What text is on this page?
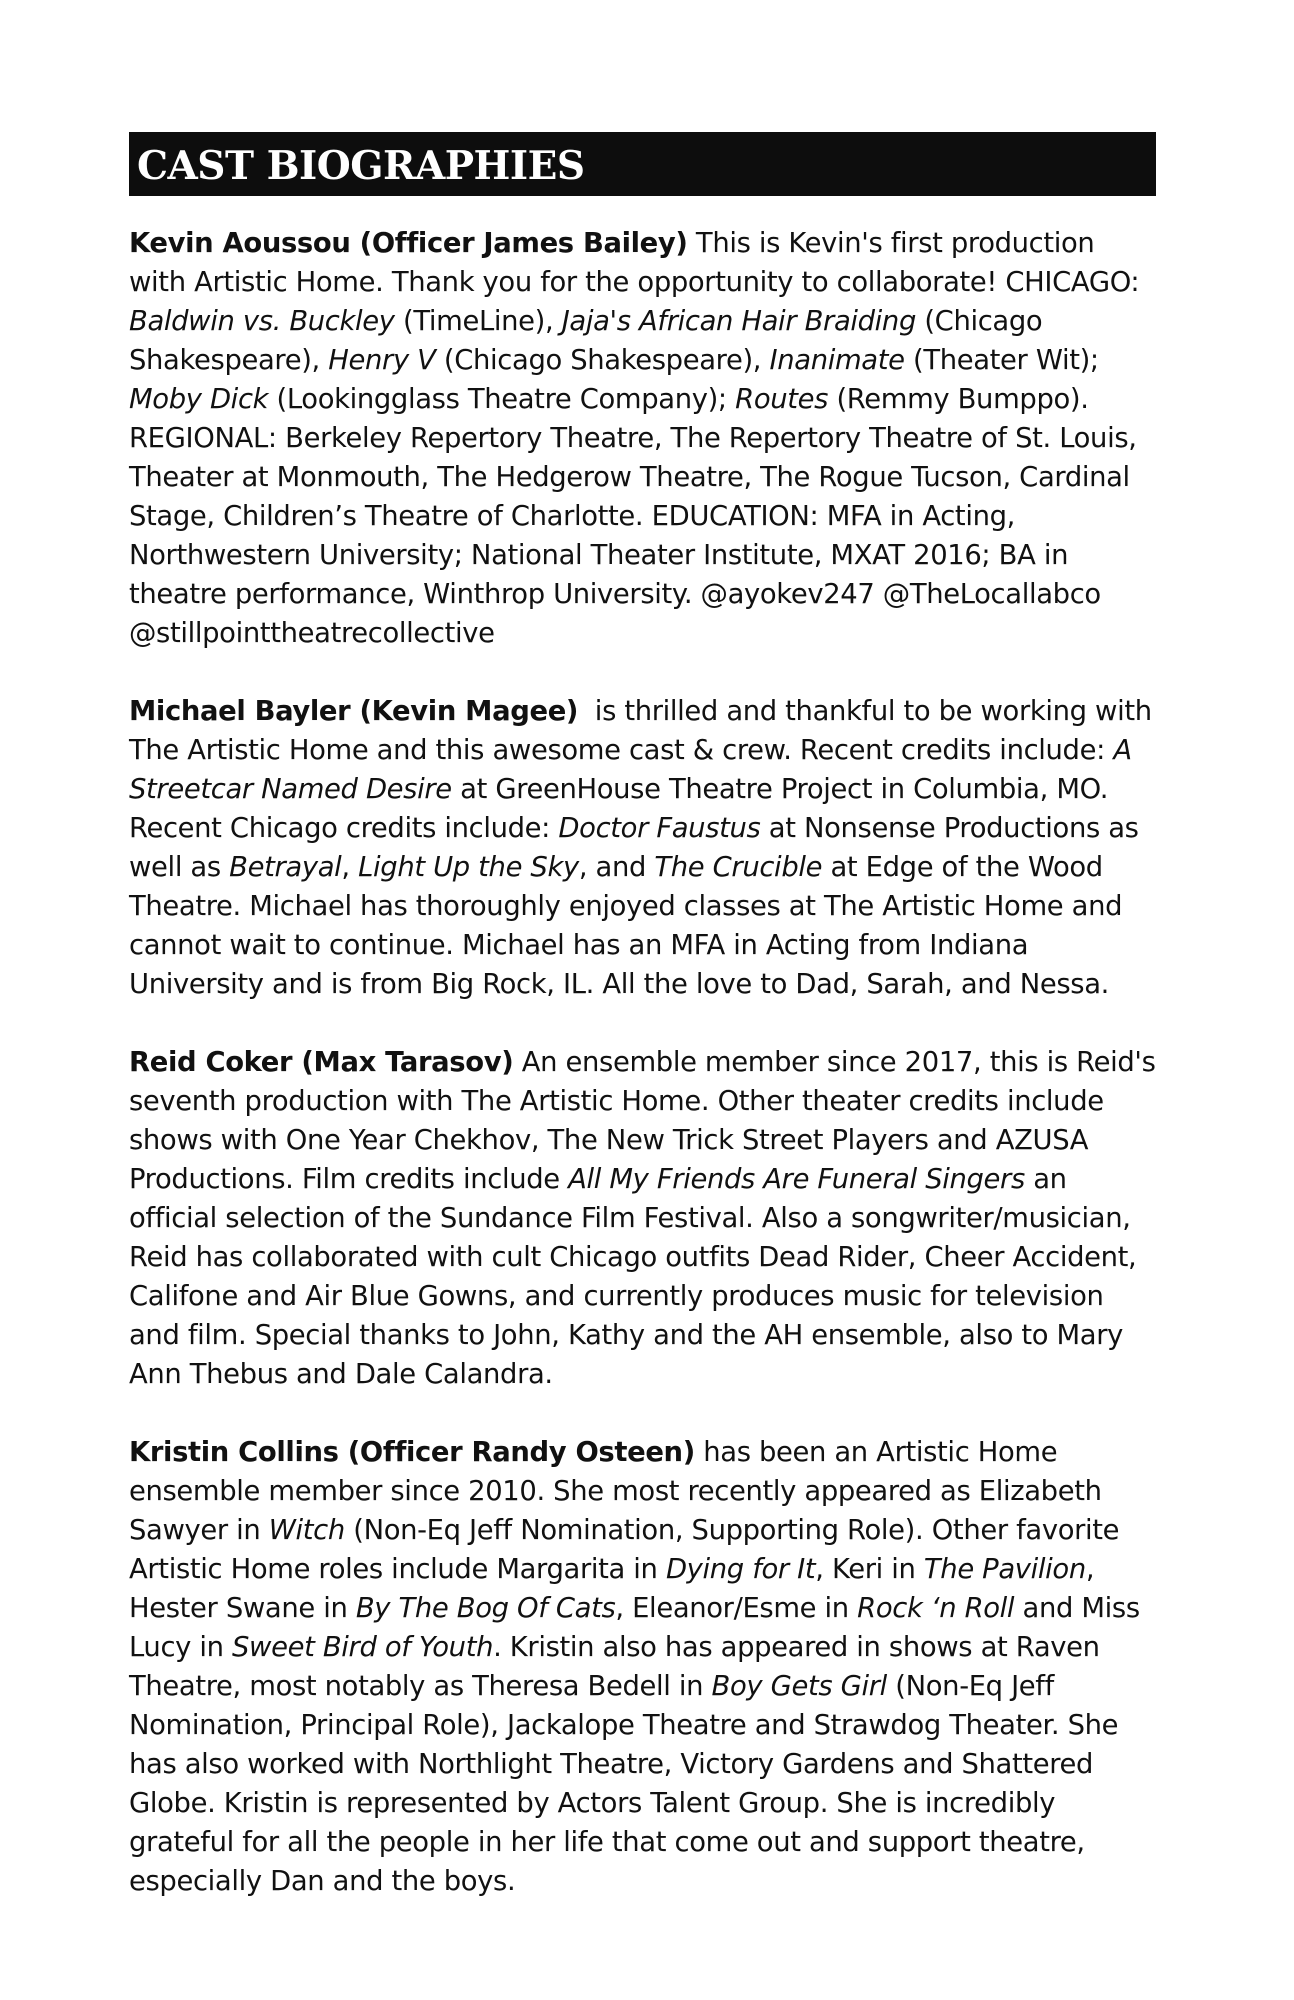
CAST BIOGRAPHIES

Kevin Aoussou (Officer James Bailey) This is Kevin's first production with Artistic Home. Thank you for the opportunity to collaborate! CHICAGO: Baldwin vs. Buckley (TimeLine), Jaja's African Hair Braiding (Chicago Shakespeare), Henry V (Chicago Shakespeare), Inanimate (Theater Wit); Moby Dick (Lookingglass Theatre Company); Routes (Remmy Bumppo). REGIONAL: Berkeley Repertory Theatre, The Repertory Theatre of St. Louis, Theater at Monmouth, The Hedgerow Theatre, The Rogue Tucson, Cardinal Stage, Children’s Theatre of Charlotte. EDUCATION: MFA in Acting, Northwestern University; National Theater Institute, MXAT 2016; BA in theatre performance, Winthrop University. @ayokev247 @TheLocallabco @stillpointtheatrecollective

Michael Bayler (Kevin Magee)  is thrilled and thankful to be working with The Artistic Home and this awesome cast & crew. Recent credits include: A Streetcar Named Desire at GreenHouse Theatre Project in Columbia, MO. Recent Chicago credits include: Doctor Faustus at Nonsense Productions as well as Betrayal, Light Up the Sky, and The Crucible at Edge of the Wood Theatre. Michael has thoroughly enjoyed classes at The Artistic Home and cannot wait to continue. Michael has an MFA in Acting from Indiana University and is from Big Rock, IL. All the love to Dad, Sarah, and Nessa.

Reid Coker (Max Tarasov) An ensemble member since 2017, this is Reid's seventh production with The Artistic Home. Other theater credits include shows with One Year Chekhov, The New Trick Street Players and AZUSA Productions. Film credits include All My Friends Are Funeral Singers an official selection of the Sundance Film Festival. Also a songwriter/musician, Reid has collaborated with cult Chicago outfits Dead Rider, Cheer Accident, Califone and Air Blue Gowns, and currently produces music for television and film. Special thanks to John, Kathy and the AH ensemble, also to Mary Ann Thebus and Dale Calandra.

Kristin Collins (Officer Randy Osteen) has been an Artistic Home ensemble member since 2010. She most recently appeared as Elizabeth Sawyer in Witch (Non-Eq Jeff Nomination, Supporting Role). Other favorite Artistic Home roles include Margarita in Dying for It, Keri in The Pavilion, Hester Swane in By The Bog Of Cats, Eleanor/Esme in Rock ‘n Roll and Miss Lucy in Sweet Bird of Youth. Kristin also has appeared in shows at Raven Theatre, most notably as Theresa Bedell in Boy Gets Girl (Non-Eq Jeff Nomination, Principal Role), Jackalope Theatre and Strawdog Theater. She has also worked with Northlight Theatre, Victory Gardens and Shattered Globe. Kristin is represented by Actors Talent Group. She is incredibly grateful for all the people in her life that come out and support theatre, especially Dan and the boys.
